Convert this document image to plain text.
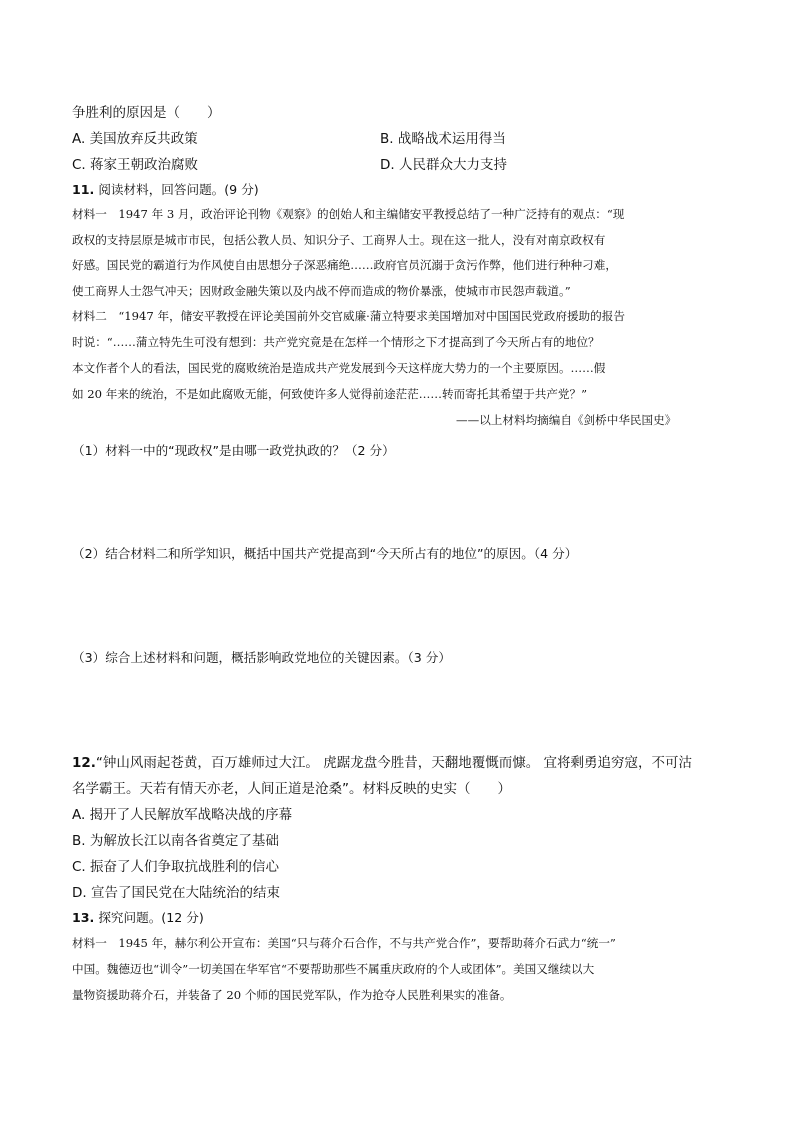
争胜利的原因是（　　）
A. 美国放弃反共政策	B. 战略战术运用得当
C. 蒋家王朝政治腐败	D. 人民群众大力支持
11. 阅读材料，回答问题。(9 分)
材料一　1947 年 3 月，政治评论刊物《观察》的创始人和主编储安平教授总结了一种广泛持有的观点：“现
政权的支持层原是城市市民，包括公教人员、知识分子、工商界人士。现在这一批人，没有对南京政权有
好感。国民党的霸道行为作风使自由思想分子深恶痛绝……政府官员沉溺于贪污作弊，他们进行种种刁难，
使工商界人士怨气冲天；因财政金融失策以及内战不停而造成的物价暴涨，使城市市民怨声载道。”
材料二　“1947 年，储安平教授在评论美国前外交官威廉·蒲立特要求美国增加对中国国民党政府援助的报告
时说：“……蒲立特先生可没有想到：共产党究竟是在怎样一个情形之下才提高到了今天所占有的地位？
本文作者个人的看法，国民党的腐败统治是造成共产党发展到今天这样庞大势力的一个主要原因。……假
如 20 年来的统治，不是如此腐败无能，何致使许多人觉得前途茫茫……转而寄托其希望于共产党？”
——以上材料均摘编自《剑桥中华民国史》
（1）材料一中的“现政权”是由哪一政党执政的？（2 分）
（2）结合材料二和所学知识，概括中国共产党提高到“今天所占有的地位”的原因。（4 分）
（3）综合上述材料和问题，概括影响政党地位的关键因素。（3 分）
12.“钟山风雨起苍黄，百万雄师过大江。 虎踞龙盘今胜昔，天翻地覆慨而慷。 宜将剩勇追穷寇，不可沽
名学霸王。天若有情天亦老，人间正道是沧桑”。材料反映的史实（　　）
A. 揭开了人民解放军战略决战的序幕
B. 为解放长江以南各省奠定了基础
C. 振奋了人们争取抗战胜利的信心
D. 宣告了国民党在大陆统治的结束
13. 探究问题。(12 分)
材料一　1945 年，赫尔利公开宣布：美国“只与蒋介石合作，不与共产党合作”，要帮助蒋介石武力“统一”
中国。魏德迈也“训令”一切美国在华军官“不要帮助那些不属重庆政府的个人或团体”。美国又继续以大
量物资援助蒋介石，并装备了 20 个师的国民党军队，作为抢夺人民胜利果实的准备。
